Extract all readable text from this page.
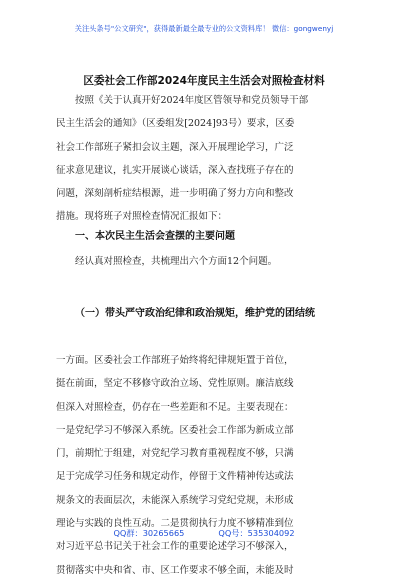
关注头条号"公文研究"，获得最新最全最专业的公文资料库！ 微信：gongwenyj
区委社会工作部2024年度民主生活会对照检查材料
按照《关于认真开好2024年度区管领导和党员领导干部
民主生活会的通知》（区委组发[2024]93号）要求，区委
社会工作部班子紧扣会议主题，深入开展理论学习，广泛
征求意见建议，扎实开展谈心谈话，深入查找班子存在的
问题，深刻剖析症结根源，进一步明确了努力方向和整改
措施。现将班子对照检查情况汇报如下：
一、本次民主生活会查摆的主要问题
经认真对照检查，共梳理出六个方面12个问题。
（一）带头严守政治纪律和政治规矩，维护党的团结统
一方面。区委社会工作部班子始终将纪律规矩置于首位，
挺在前面，坚定不移修守政治立场、党性原则。廉洁底线
但深入对照检查，仍存在一些差距和不足。主要表现在：
一是党纪学习不够深入系统。区委社会工作部为新成立部
门，前期忙于组建，对党纪学习教育重视程度不够，只满
足于完成学习任务和规定动作，停留于文件精神传达或法
规条文的表面层次，未能深入系统学习党纪党规，未形成
理论与实践的良性互动。二是贯彻执行力度不够精准到位
对习近平总书记关于社会工作的重要论述学习不够深入，
贯彻落实中央和省、市、区工作要求不够全面，未能及时
QQ群：30265665	QQ号：535304092
